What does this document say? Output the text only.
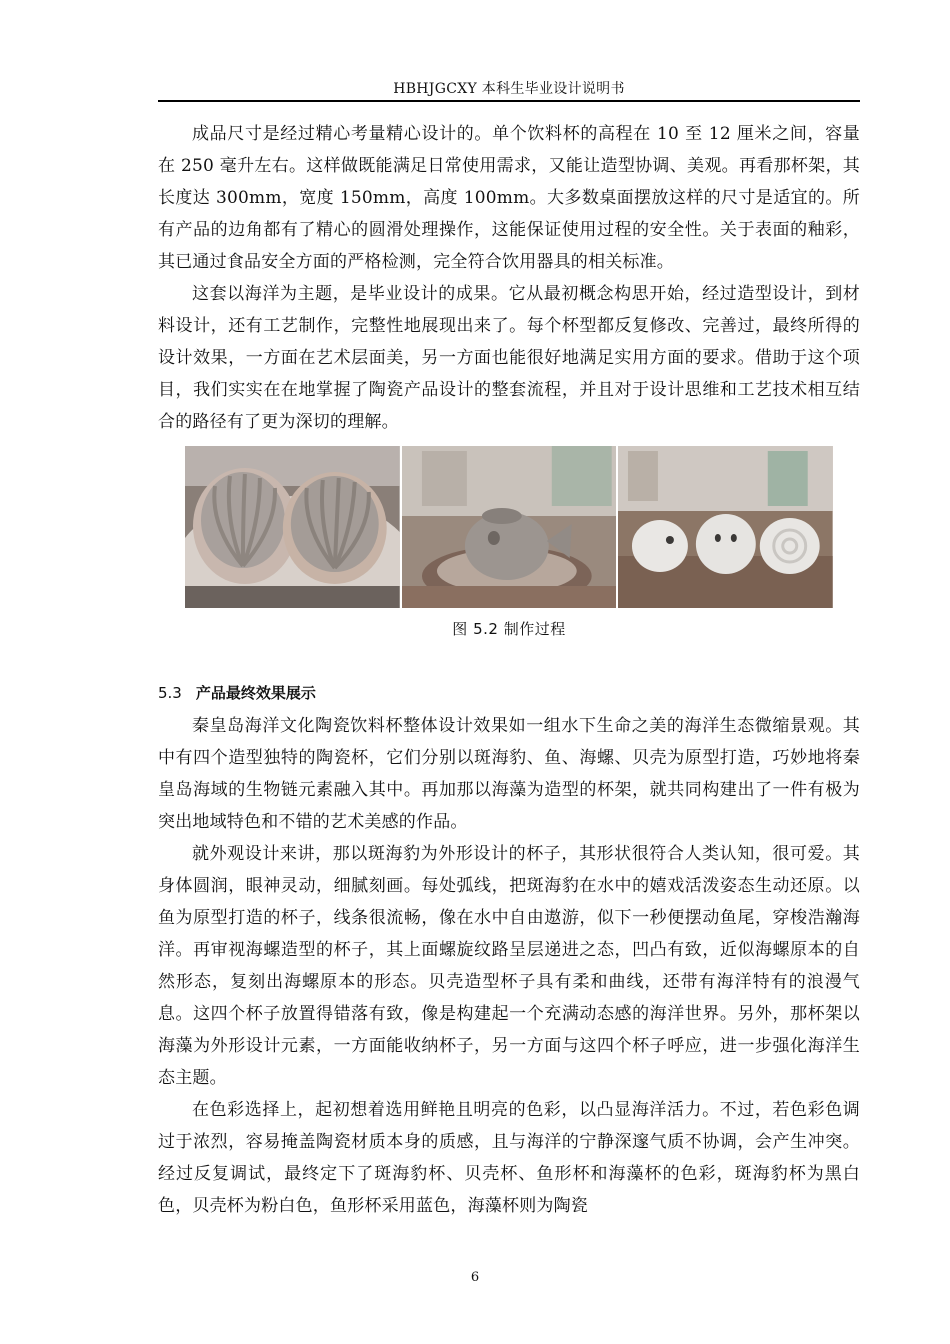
HBHJGCXY 本科生毕业设计说明书

成品尺寸是经过精心考量精心设计的。单个饮料杯的高程在 10 至 12 厘米之间，容量在 250 毫升左右。这样做既能满足日常使用需求，又能让造型协调、美观。再看那杯架，其长度达 300mm，宽度 150mm，高度 100mm。大多数桌面摆放这样的尺寸是适宜的。所有产品的边角都有了精心的圆滑处理操作，这能保证使用过程的安全性。关于表面的釉彩，其已通过食品安全方面的严格检测，完全符合饮用器具的相关标准。

这套以海洋为主题，是毕业设计的成果。它从最初概念构思开始，经过造型设计，到材料设计，还有工艺制作，完整性地展现出来了。每个杯型都反复修改、完善过，最终所得的设计效果，一方面在艺术层面美，另一方面也能很好地满足实用方面的要求。借助于这个项目，我们实实在在地掌握了陶瓷产品设计的整套流程，并且对于设计思维和工艺技术相互结合的路径有了更为深切的理解。

图 5.2 制作过程
5.3 产品最终效果展示

秦皇岛海洋文化陶瓷饮料杯整体设计效果如一组水下生命之美的海洋生态微缩景观。其中有四个造型独特的陶瓷杯，它们分别以斑海豹、鱼、海螺、贝壳为原型打造，巧妙地将秦皇岛海域的生物链元素融入其中。再加那以海藻为造型的杯架，就共同构建出了一件有极为突出地域特色和不错的艺术美感的作品。

就外观设计来讲，那以斑海豹为外形设计的杯子，其形状很符合人类认知，很可爱。其身体圆润，眼神灵动，细腻刻画。每处弧线，把斑海豹在水中的嬉戏活泼姿态生动还原。以鱼为原型打造的杯子，线条很流畅，像在水中自由遨游，似下一秒便摆动鱼尾，穿梭浩瀚海洋。再审视海螺造型的杯子，其上面螺旋纹路呈层递进之态，凹凸有致，近似海螺原本的自然形态，复刻出海螺原本的形态。贝壳造型杯子具有柔和曲线，还带有海洋特有的浪漫气息。这四个杯子放置得错落有致，像是构建起一个充满动态感的海洋世界。另外，那杯架以海藻为外形设计元素，一方面能收纳杯子，另一方面与这四个杯子呼应，进一步强化海洋生态主题。

在色彩选择上，起初想着选用鲜艳且明亮的色彩，以凸显海洋活力。不过，若色彩色调过于浓烈，容易掩盖陶瓷材质本身的质感，且与海洋的宁静深邃气质不协调，会产生冲突。经过反复调试，最终定下了斑海豹杯、贝壳杯、鱼形杯和海藻杯的色彩，斑海豹杯为黑白色，贝壳杯为粉白色，鱼形杯采用蓝色，海藻杯则为陶瓷

6
